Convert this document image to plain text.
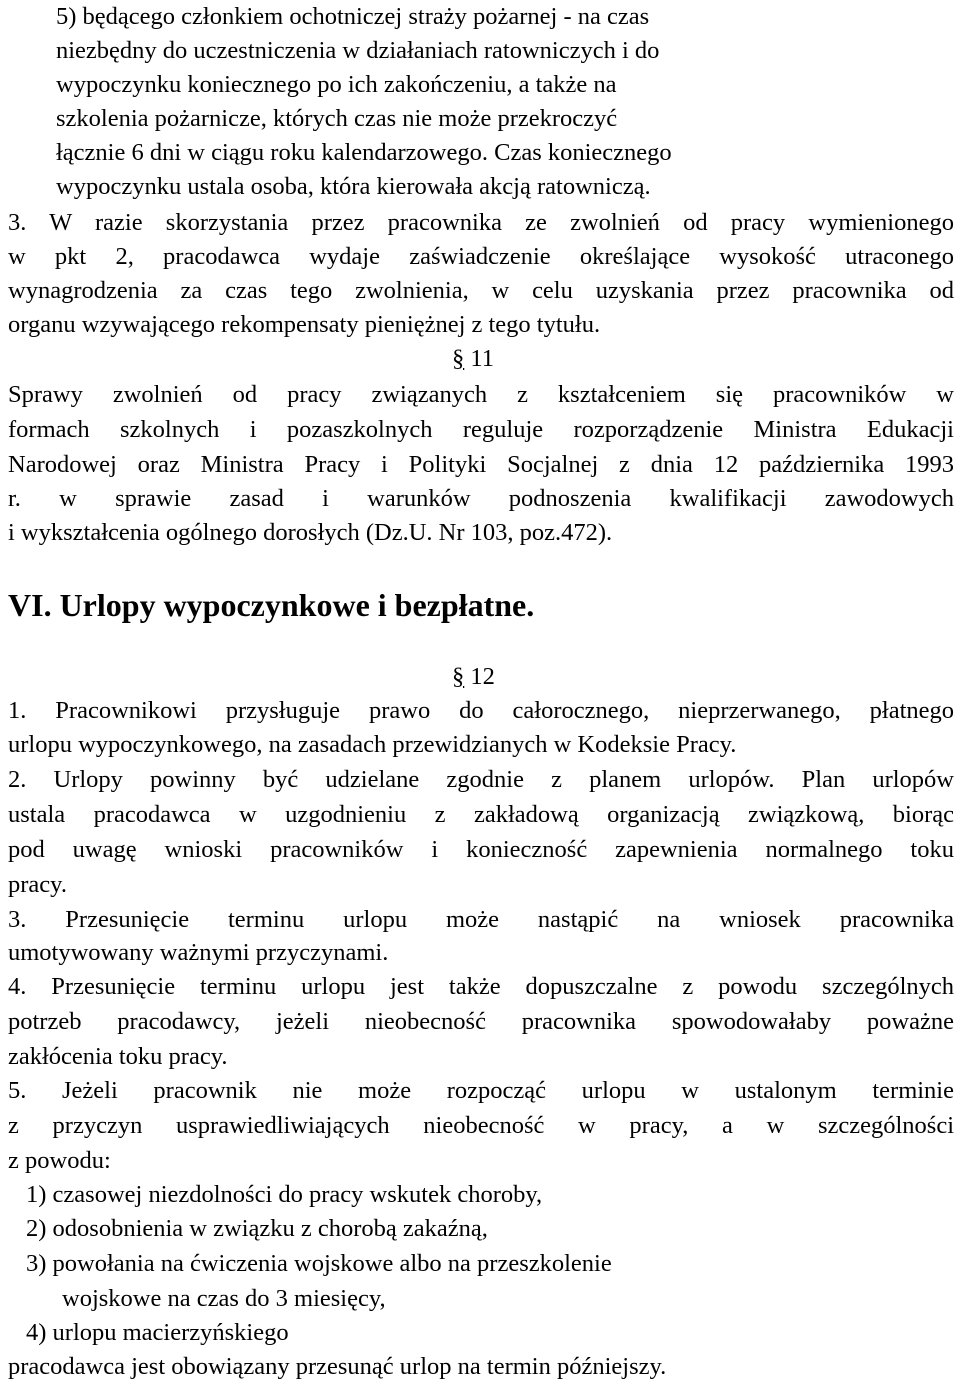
5) będącego członkiem ochotniczej straży pożarnej - na czas
niezbędny do uczestniczenia w działaniach ratowniczych i do
wypoczynku koniecznego po ich zakończeniu, a także na
szkolenia pożarnicze, których czas nie może przekroczyć
łącznie 6 dni w ciągu roku kalendarzowego. Czas koniecznego
wypoczynku ustala osoba, która kierowała akcją ratowniczą.
3. W razie skorzystania przez pracownika ze zwolnień od pracy wymienionego
w pkt 2, pracodawca wydaje zaświadczenie określające wysokość utraconego
wynagrodzenia za czas tego zwolnienia, w celu uzyskania przez pracownika od
organu wzywającego rekompensaty pieniężnej z tego tytułu.
§ 11
Sprawy zwolnień od pracy związanych z kształceniem się pracowników w
formach szkolnych i pozaszkolnych reguluje rozporządzenie Ministra Edukacji
Narodowej oraz Ministra Pracy i Polityki Socjalnej z dnia 12 października 1993
r. w sprawie zasad i warunków podnoszenia kwalifikacji zawodowych
i wykształcenia ogólnego dorosłych (Dz.U. Nr 103, poz.472).
VI. Urlopy wypoczynkowe i bezpłatne.
§ 12
1. Pracownikowi przysługuje prawo do całorocznego, nieprzerwanego, płatnego
urlopu wypoczynkowego, na zasadach przewidzianych w Kodeksie Pracy.
2. Urlopy powinny być udzielane zgodnie z planem urlopów. Plan urlopów
ustala pracodawca w uzgodnieniu z zakładową organizacją związkową, biorąc
pod uwagę wnioski pracowników i konieczność zapewnienia normalnego toku
pracy.
3. Przesunięcie terminu urlopu może nastąpić na wniosek pracownika
umotywowany ważnymi przyczynami.
4. Przesunięcie terminu urlopu jest także dopuszczalne z powodu szczególnych
potrzeb pracodawcy, jeżeli nieobecność pracownika spowodowałaby poważne
zakłócenia toku pracy.
5. Jeżeli pracownik nie może rozpocząć urlopu w ustalonym terminie
z przyczyn usprawiedliwiających nieobecność w pracy, a w szczególności
z powodu:
1) czasowej niezdolności do pracy wskutek choroby,
2) odosobnienia w związku z chorobą zakaźną,
3) powołania na ćwiczenia wojskowe albo na przeszkolenie
wojskowe na czas do 3 miesięcy,
4) urlopu macierzyńskiego
pracodawca jest obowiązany przesunąć urlop na termin późniejszy.
